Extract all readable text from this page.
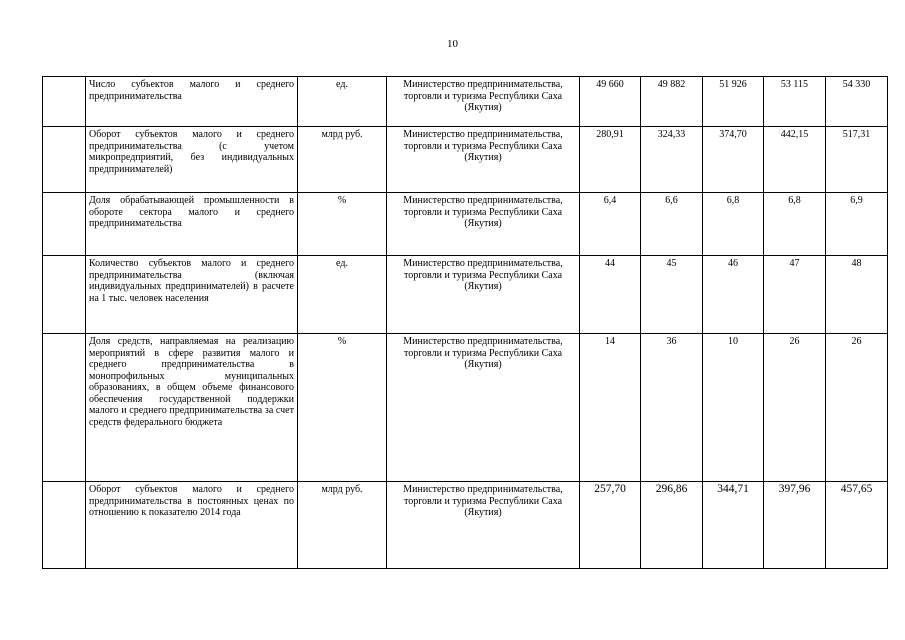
10
	Число субъектов малого и среднего предпринимательства	ед.	Министерство предпринимательства, торговли и туризма Республики Саха (Якутия)	49 660	49 882	51 926	53 115	54 330
	Оборот субъектов малого и среднего предпринимательства (с учетом микропредприятий, без индивидуальных предпринимателей)	млрд руб.	Министерство предпринимательства, торговли и туризма Республики Саха (Якутия)	280,91	324,33	374,70	442,15	517,31
	Доля обрабатывающей промышленности в обороте сектора малого и среднего предпринимательства	%	Министерство предпринимательства, торговли и туризма Республики Саха (Якутия)	6,4	6,6	6,8	6,8	6,9
	Количество субъектов малого и среднего предпринимательства (включая индивидуальных предпринимателей) в расчете на 1 тыс. человек населения	ед.	Министерство предпринимательства, торговли и туризма Республики Саха (Якутия)	44	45	46	47	48
	Доля средств, направляемая на реализацию мероприятий в сфере развития малого и среднего предпринимательства в монопрофильных муниципальных образованиях, в общем объеме финансового обеспечения государственной поддержки малого и среднего предпринимательства за счет средств федерального бюджета	%	Министерство предпринимательства, торговли и туризма Республики Саха (Якутия)	14	36	10	26	26
	Оборот субъектов малого и среднего предпринимательства в постоянных ценах по отношению к показателю 2014 года	млрд руб.	Министерство предпринимательства, торговли и туризма Республики Саха (Якутия)	257,70	296,86	344,71	397,96	457,65
